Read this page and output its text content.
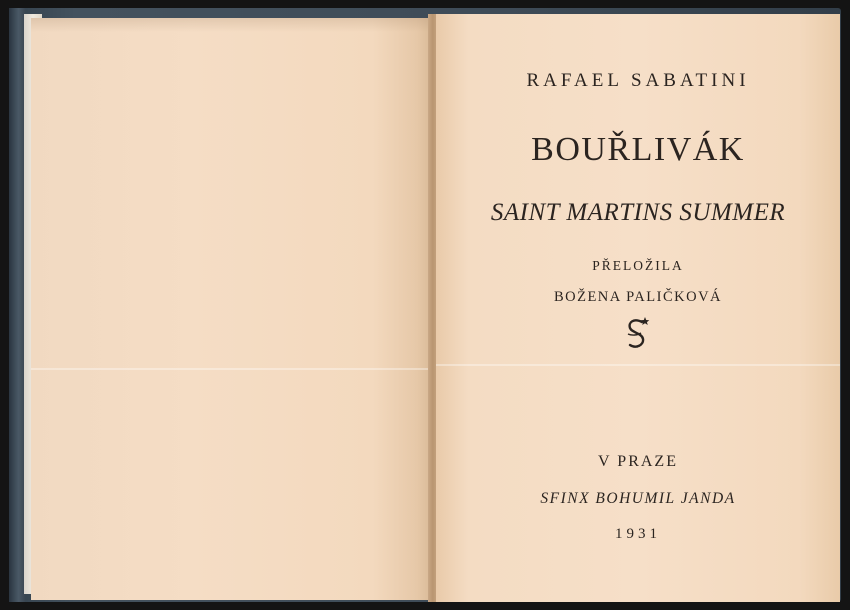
RAFAEL SABATINI
BOUŘLIVÁK
SAINT MARTINS SUMMER
PŘELOŽILA
BOŽENA PALIČKOVÁ
V PRAZE
SFINX BOHUMIL JANDA
1931
